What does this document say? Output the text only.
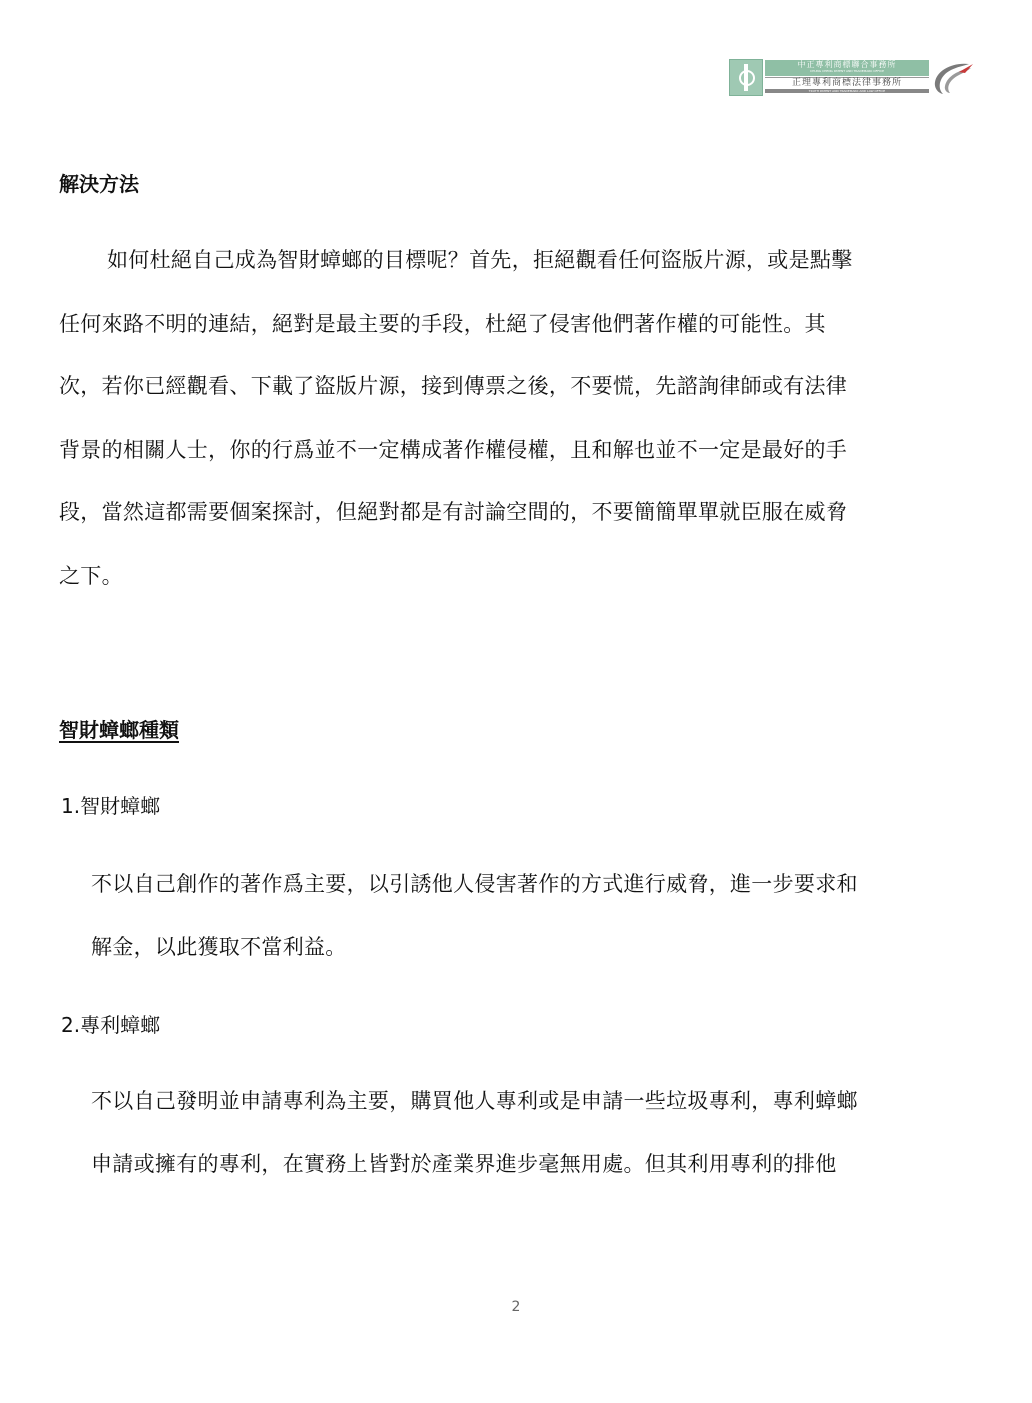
中正專利商標聯合事務所
CHUNG CHENG PATENT AND TRADEMARK OFFICE
正理專利商標法律事務所
TRUTH PATENT AND TRADEMARK AND LAW OFFICE
解決方法
如何杜絕自己成為智財蟑螂的目標呢？首先，拒絕觀看任何盜版片源，或是點擊
任何來路不明的連結，絕對是最主要的手段，杜絕了侵害他們著作權的可能性。其
次，若你已經觀看、下載了盜版片源，接到傳票之後，不要慌，先諮詢律師或有法律
背景的相關人士，你的行爲並不一定構成著作權侵權，且和解也並不一定是最好的手
段，當然這都需要個案探討，但絕對都是有討論空間的，不要簡簡單單就臣服在威脅
之下。
智財蟑螂種類
1.智財蟑螂
不以自己創作的著作爲主要，以引誘他人侵害著作的方式進行威脅，進一步要求和
解金，以此獲取不當利益。
2.專利蟑螂
不以自己發明並申請專利為主要，購買他人專利或是申請一些垃圾專利，專利蟑螂
申請或擁有的專利，在實務上皆對於產業界進步毫無用處。但其利用專利的排他
2
